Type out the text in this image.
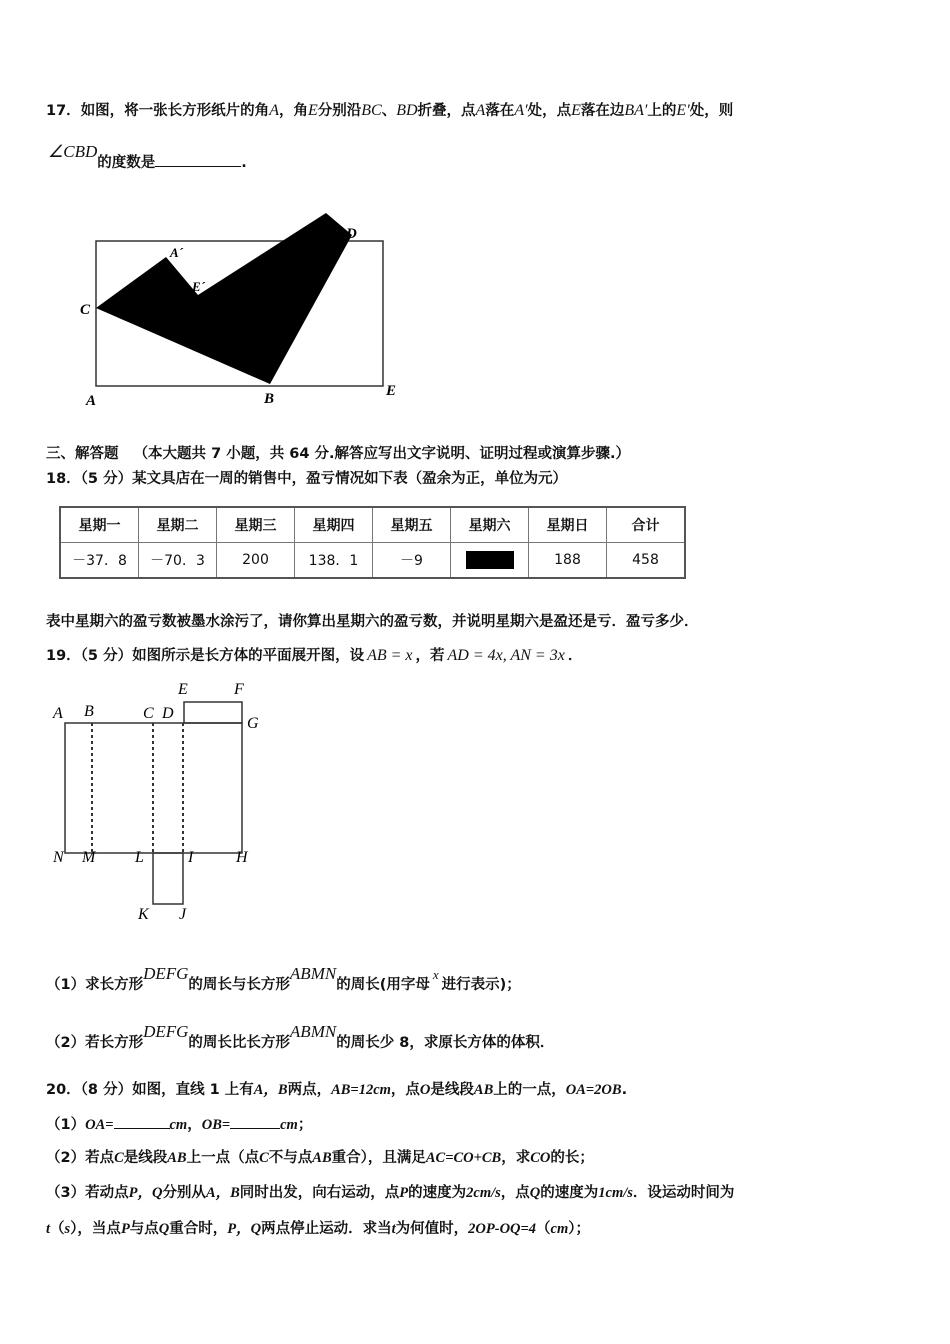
17．如图，将一张长方形纸片的角A，角E分别沿BC、BD折叠，点A落在A′处，点E落在边BA′上的E′处，则
∠CBD的度数是	.
C
A	B	E
D
A´
E´
三、解答题 （本大题共 7 小题，共 64 分.解答应写出文字说明、证明过程或演算步骤.）
18．（5 分）某文具店在一周的销售中，盈亏情况如下表（盈余为正，单位为元）
星期一	星期二	星期三	星期四	星期五	星期六	星期日	合计
－37．8	－70．3	200	138．1	－9		188	458
表中星期六的盈亏数被墨水涂污了，请你算出星期六的盈亏数，并说明星期六是盈还是亏．盈亏多少．
19．（5 分）如图所示是长方体的平面展开图，设 AB = x ，若 AD = 4x, AN = 3x ．
A B	C D
E	F
G
H
I
L
M
N
K J
（1）求长方形DEFG的周长与长方形ABMN的周长(用字母x进行表示)；
（2）若长方形DEFG的周长比长方形ABMN的周长少 8，求原长方体的体积．
20．（8 分）如图，直线 1 上有A，B两点，AB=12cm，点O是线段AB上的一点，OA=2OB.
（1）OA=	cm，OB=	cm；
（2）若点C是线段AB上一点（点C不与点AB重合），且满足AC=CO+CB，求CO的长；
（3）若动点P，Q分别从A，B同时出发，向右运动，点P的速度为2cm/s，点Q的速度为1cm/s．设运动时间为
t（s），当点P与点Q重合时，P，Q两点停止运动．求当t为何值时，2OP-OQ=4（cm）；
